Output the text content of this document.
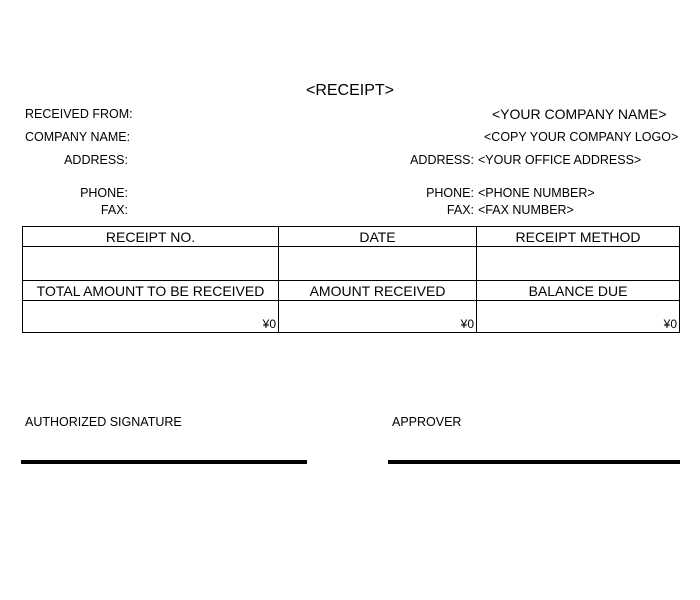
<RECEIPT>
RECEIVED FROM:
COMPANY NAME:
ADDRESS:
PHONE:
FAX:
<YOUR COMPANY NAME>
<COPY YOUR COMPANY LOGO>
ADDRESS: <YOUR OFFICE ADDRESS>
PHONE: <PHONE NUMBER>
FAX: <FAX NUMBER>
RECEIPT NO.	DATE	RECEIPT METHOD

TOTAL AMOUNT TO BE RECEIVED	AMOUNT RECEIVED	BALANCE DUE
¥0	¥0	¥0
AUTHORIZED SIGNATURE	APPROVER
